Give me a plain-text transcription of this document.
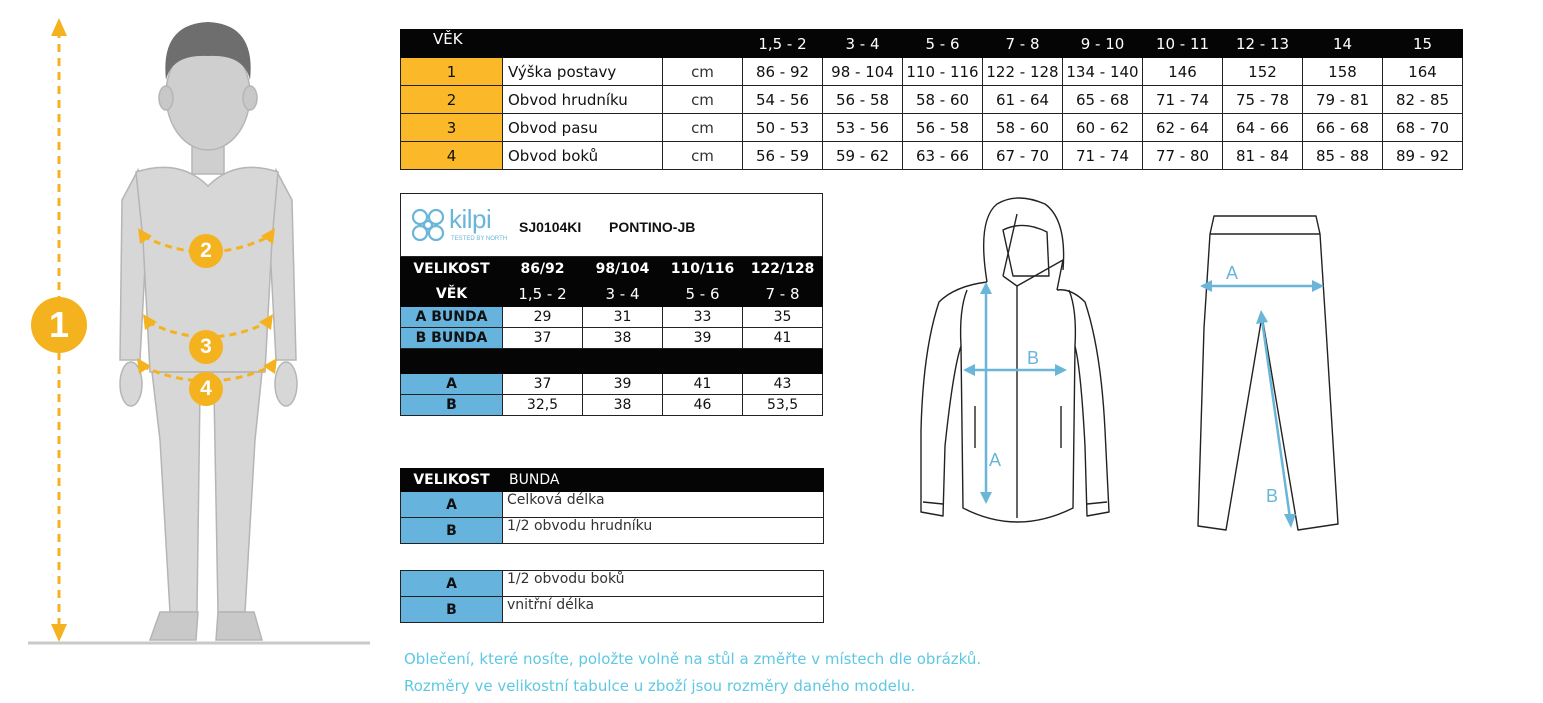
1
2
3
4
VĚK			1,5 - 2	3 - 4	5 - 6	7 - 8	9 - 10	10 - 11	12 - 13	14	15
1	Výška postavy	cm	86 - 92	98 - 104	110 - 116	122 - 128	134 - 140	146	152	158	164
2	Obvod hrudníku	cm	54 - 56	56 - 58	58 - 60	61 - 64	65 - 68	71 - 74	75 - 78	79 - 81	82 - 85
3	Obvod pasu	cm	50 - 53	53 - 56	56 - 58	58 - 60	60 - 62	62 - 64	64 - 66	66 - 68	68 - 70
4	Obvod boků	cm	56 - 59	59 - 62	63 - 66	67 - 70	71 - 74	77 - 80	81 - 84	85 - 88	89 - 92
kilpi
TESTED BY NORTH
SJ0104KI PONTINO-JB				

VELIKOST	86/92	98/104	110/116	122/128
VĚK	1,5 - 2	3 - 4	5 - 6	7 - 8
A BUNDA	29	31	33	35
B BUNDA	37	38	39	41

A	37	39	41	43
B	32,5	38	46	53,5
VELIKOST	BUNDA
A	Celková délka
B	1/2 obvodu hrudníku
A	1/2 obvodu boků
B	vnitřní délka
A
B
A
B
Oblečení, které nosíte, položte volně na stůl a změřte v místech dle obrázků.
Rozměry ve velikostní tabulce u zboží jsou rozměry daného modelu.
